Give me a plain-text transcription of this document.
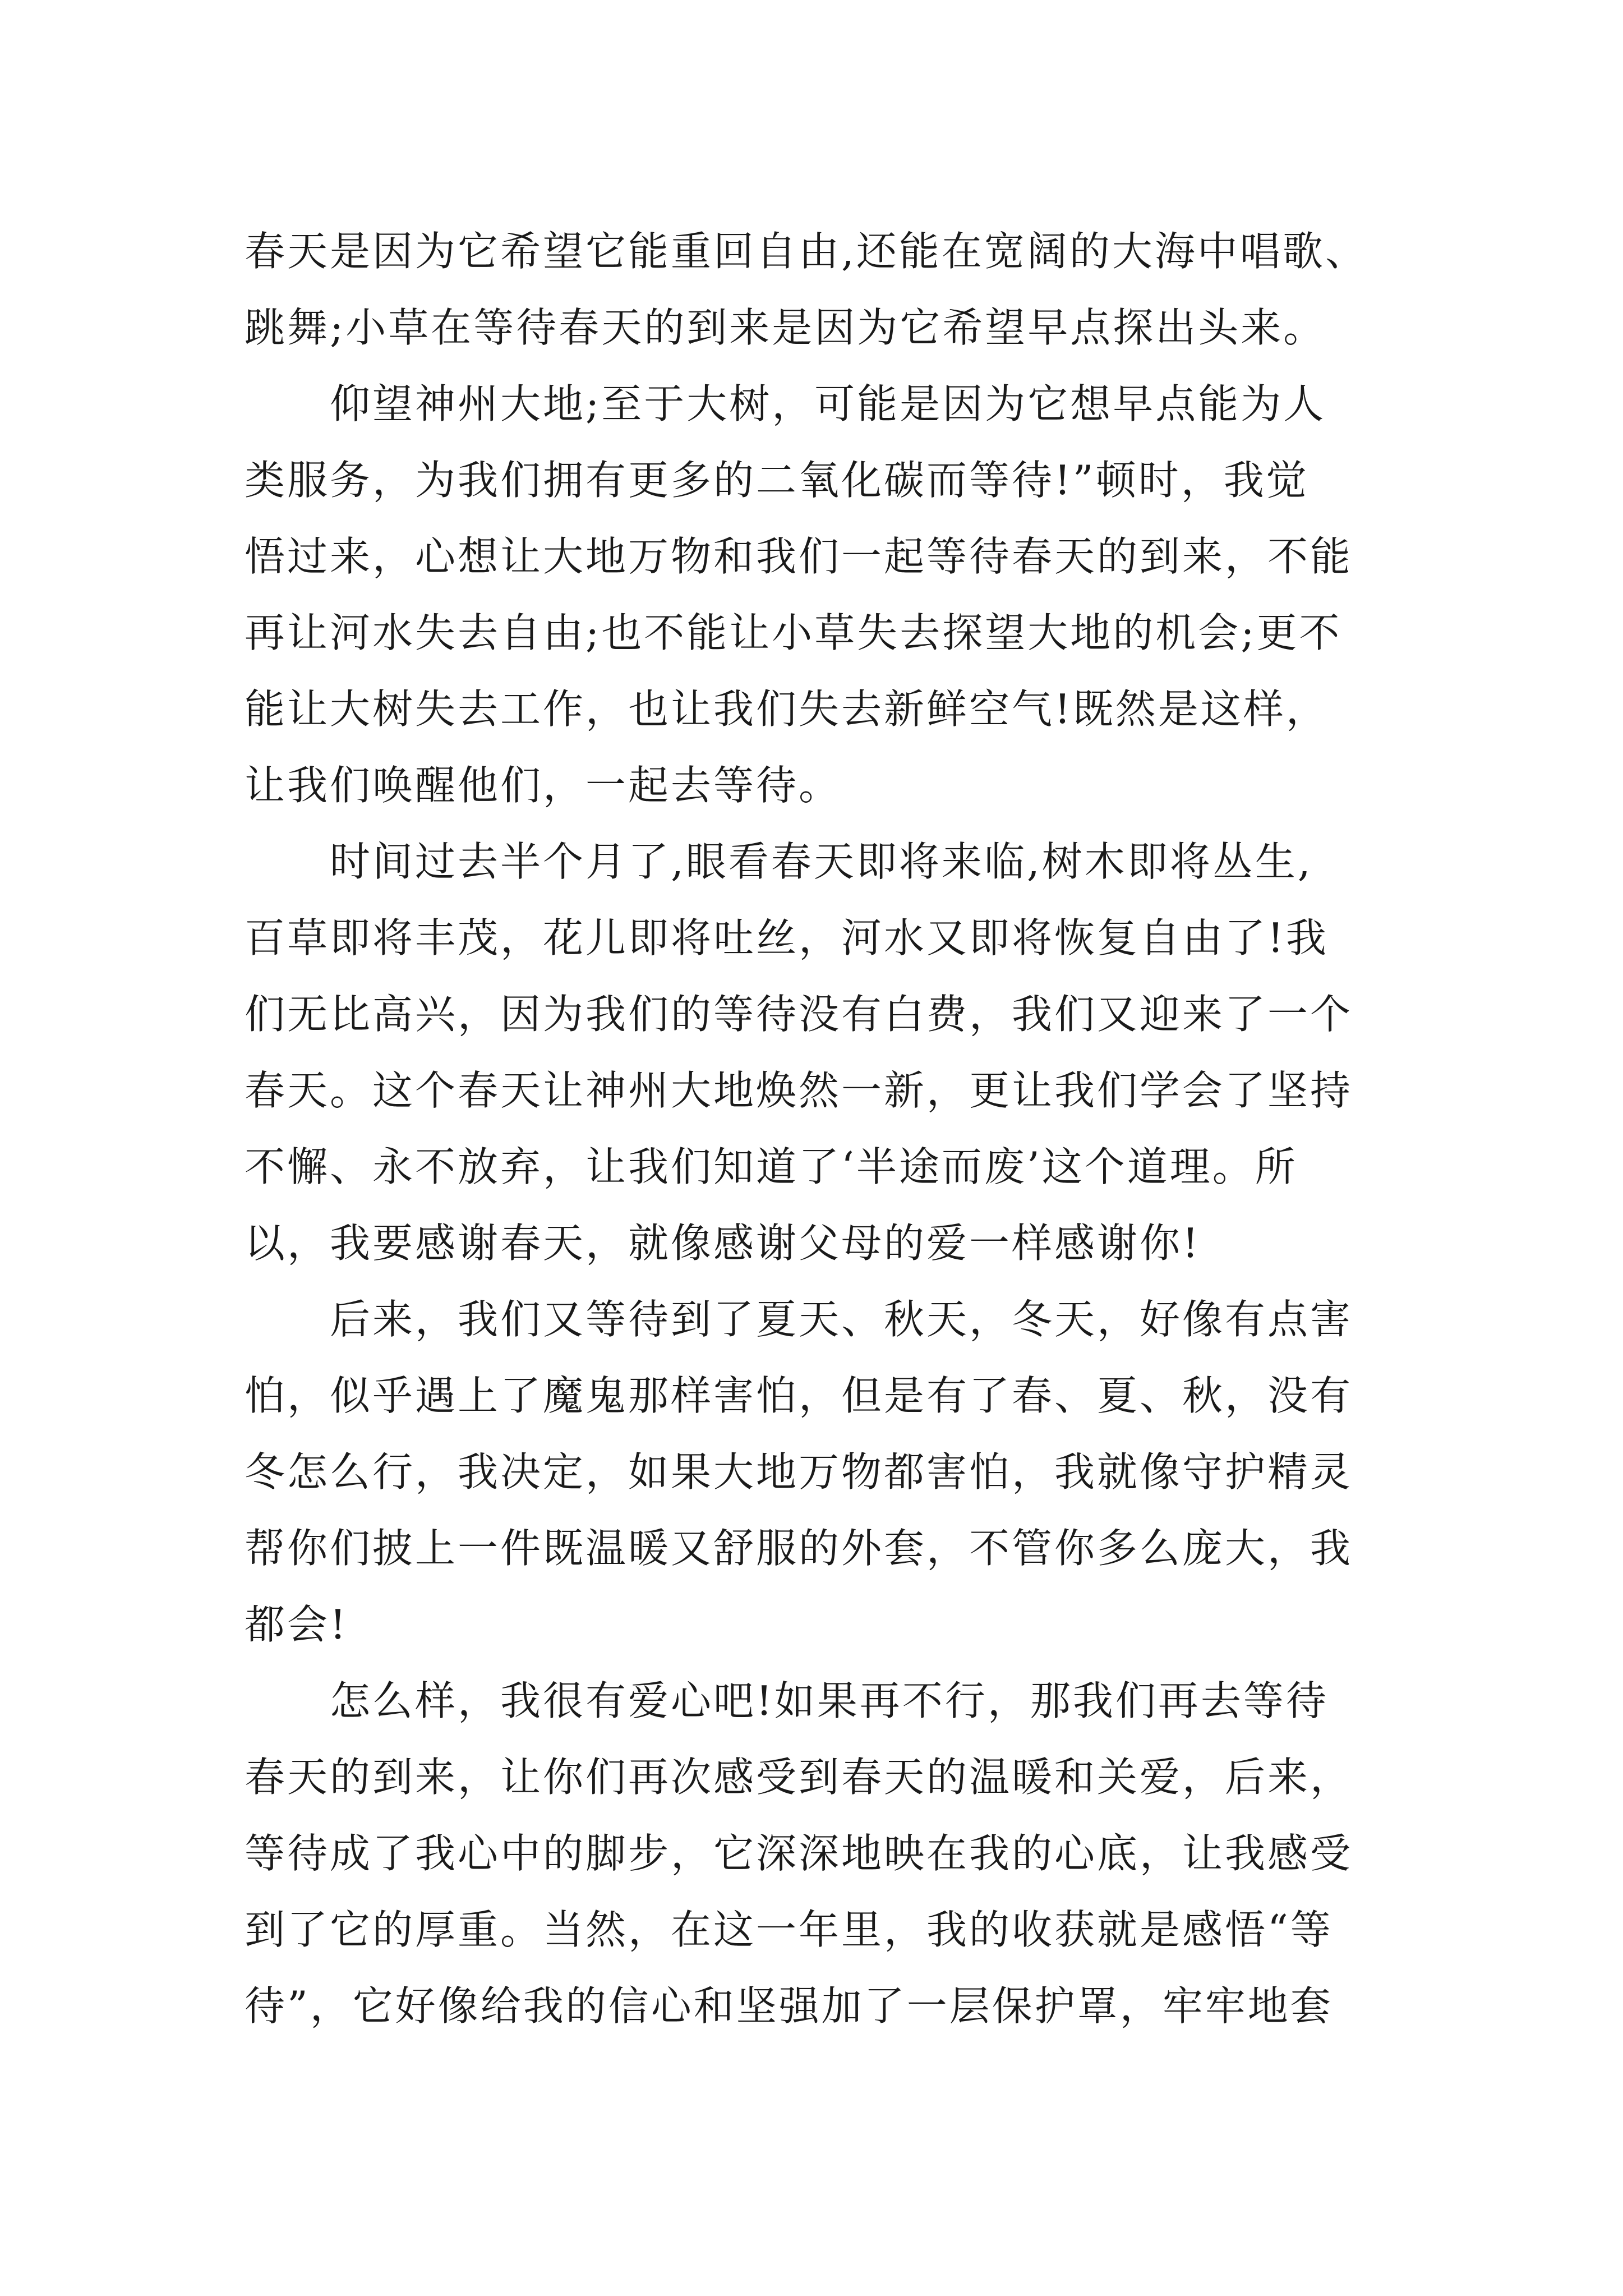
春天是因为它希望它能重回自由,还能在宽阔的大海中唱歌、
跳舞;小草在等待春天的到来是因为它希望早点探出头来。
　　仰望神州大地;至于大树，可能是因为它想早点能为人
类服务，为我们拥有更多的二氧化碳而等待!”顿时，我觉
悟过来，心想让大地万物和我们一起等待春天的到来，不能
再让河水失去自由;也不能让小草失去探望大地的机会;更不
能让大树失去工作，也让我们失去新鲜空气!既然是这样，
让我们唤醒他们，一起去等待。
　　时间过去半个月了,眼看春天即将来临,树木即将丛生,
百草即将丰茂，花儿即将吐丝，河水又即将恢复自由了!我
们无比高兴，因为我们的等待没有白费，我们又迎来了一个
春天。这个春天让神州大地焕然一新，更让我们学会了坚持
不懈、永不放弃，让我们知道了‘半途而废’这个道理。所
以，我要感谢春天，就像感谢父母的爱一样感谢你!
　　后来，我们又等待到了夏天、秋天，冬天，好像有点害
怕，似乎遇上了魔鬼那样害怕，但是有了春、夏、秋，没有
冬怎么行，我决定，如果大地万物都害怕，我就像守护精灵
帮你们披上一件既温暖又舒服的外套，不管你多么庞大，我
都会!
　　怎么样，我很有爱心吧!如果再不行，那我们再去等待
春天的到来，让你们再次感受到春天的温暖和关爱，后来，
等待成了我心中的脚步，它深深地映在我的心底，让我感受
到了它的厚重。当然，在这一年里，我的收获就是感悟“等
待”，它好像给我的信心和坚强加了一层保护罩，牢牢地套
